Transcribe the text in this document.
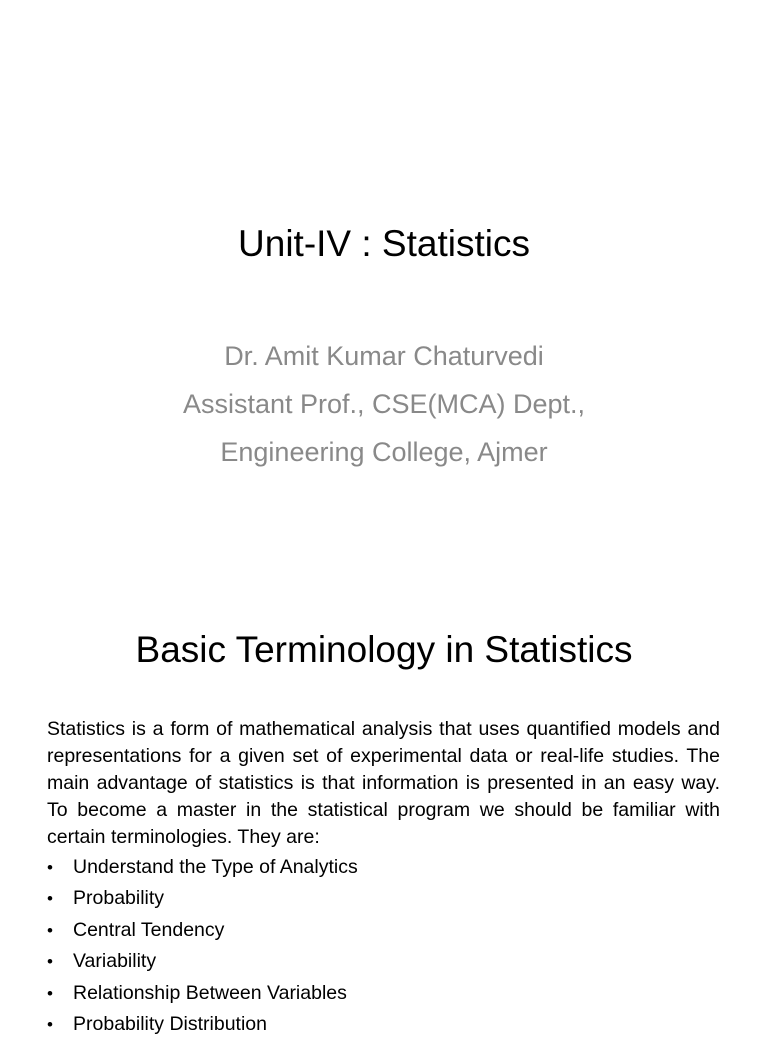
Unit-IV : Statistics
Dr. Amit Kumar Chaturvedi
Assistant Prof., CSE(MCA) Dept.,
Engineering College, Ajmer
Basic Terminology in Statistics
Statistics is a form of mathematical analysis that uses quantified models and representations for a given set of experimental data or real-life studies. The main advantage of statistics is that information is presented in an easy way. To become a master in the statistical program we should be familiar with certain terminologies. They are:
•	Understand the Type of Analytics
•	Probability
•	Central Tendency
•	Variability
•	Relationship Between Variables
•	Probability Distribution
